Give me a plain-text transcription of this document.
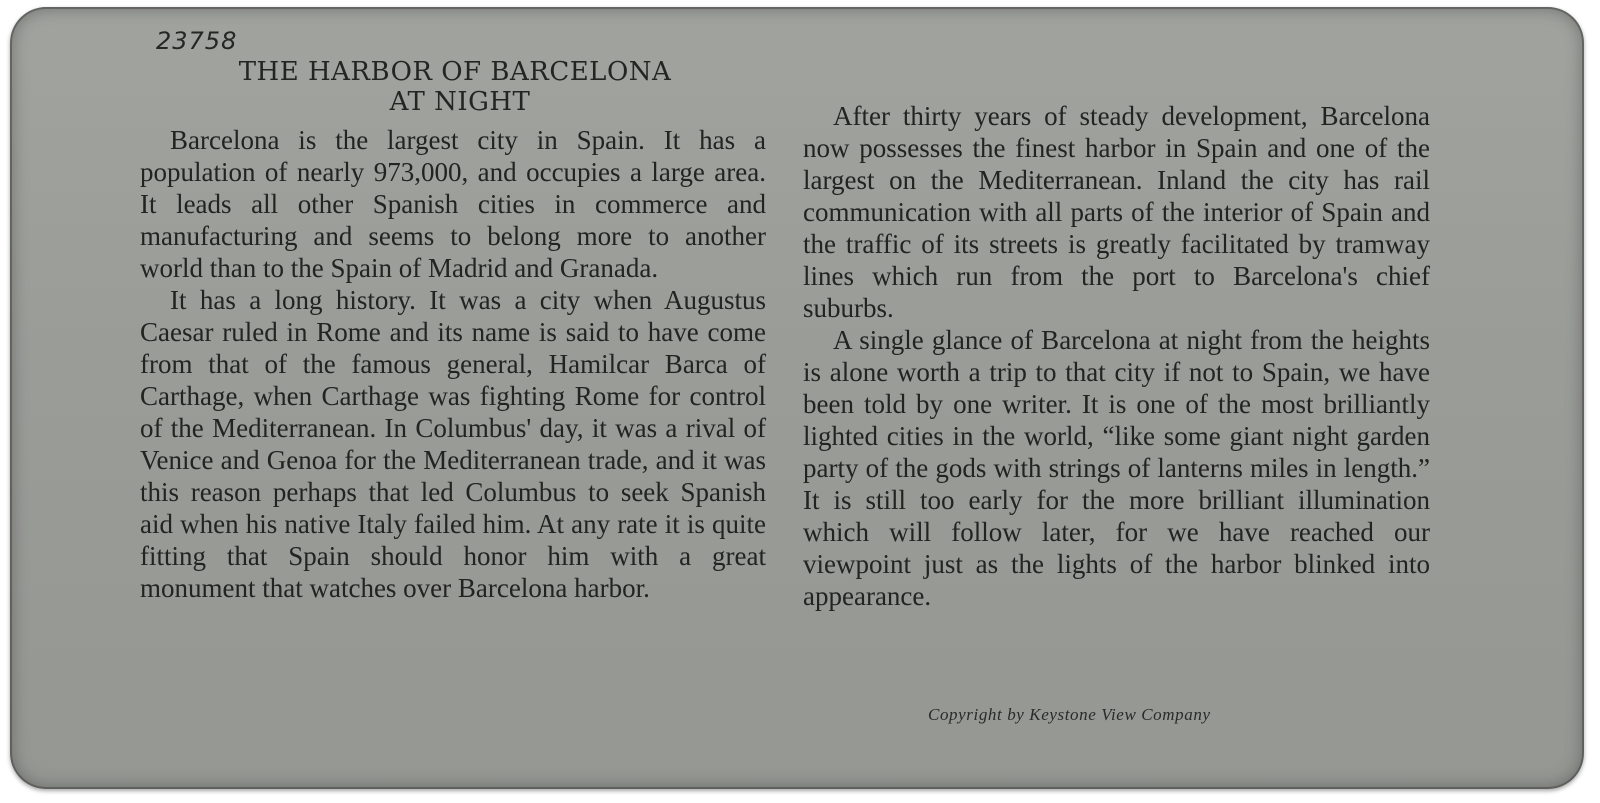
23758
THE HARBOR OF BARCELONA
AT NIGHT

Barcelona is the largest city in Spain. It has a population of nearly 973,000, and occupies a large area. It leads all other Spanish cities in commerce and manufacturing and seems to belong more to another world than to the Spain of Madrid and Granada.

It has a long history. It was a city when Augustus Caesar ruled in Rome and its name is said to have come from that of the famous general, Hamilcar Barca of Carthage, when Carthage was fighting Rome for control of the Mediterranean. In Columbus' day, it was a rival of Venice and Genoa for the Mediterranean trade, and it was this reason perhaps that led Columbus to seek Spanish aid when his native Italy failed him. At any rate it is quite fitting that Spain should honor him with a great monument that watches over Barcelona harbor.

After thirty years of steady development, Barcelona now possesses the finest harbor in Spain and one of the largest on the Mediterranean. Inland the city has rail communication with all parts of the interior of Spain and the traffic of its streets is greatly facilitated by tramway lines which run from the port to Barcelona's chief suburbs.

A single glance of Barcelona at night from the heights is alone worth a trip to that city if not to Spain, we have been told by one writer. It is one of the most brilliantly lighted cities in the world, “like some giant night garden party of the gods with strings of lanterns miles in length.” It is still too early for the more brilliant illumination which will follow later, for we have reached our viewpoint just as the lights of the harbor blinked into appearance.

Copyright by Keystone View Company
